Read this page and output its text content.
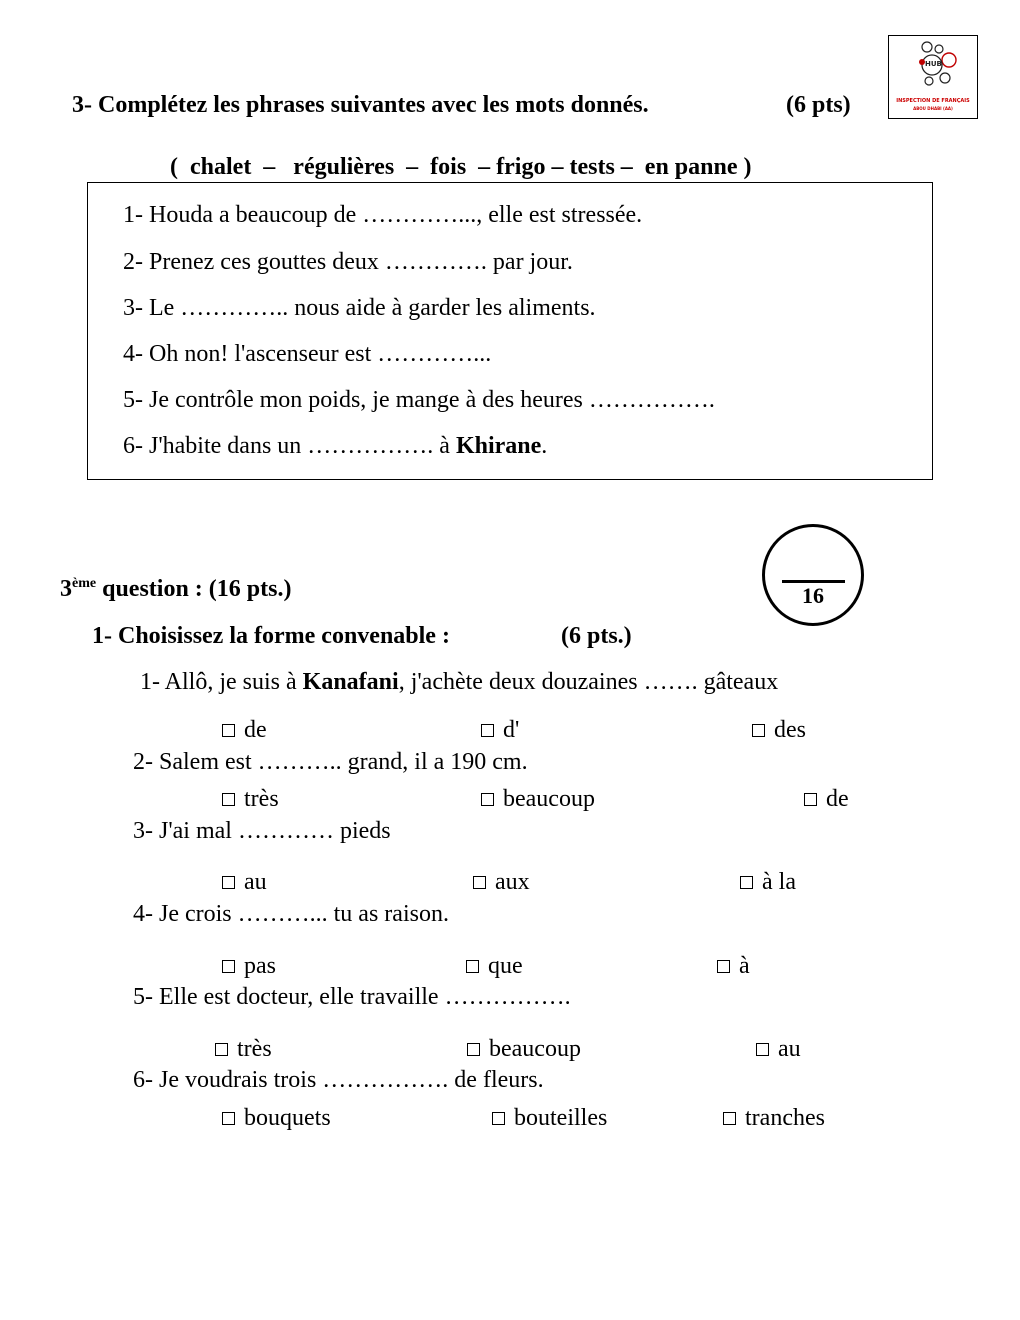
HUB
INSPECTION DE FRANÇAIS
ABOU DHABI (AA)
3- Complétez les phrases suivantes avec les mots donnés.	(6 pts)
(  chalet  –   régulières  –  fois  – frigo – tests –  en panne )
1- Houda a beaucoup de …………..., elle est stressée.
2- Prenez ces gouttes deux …………. par jour.
3- Le ………….. nous aide à garder les aliments.
4- Oh non! l'ascenseur est …………...
5- Je contrôle mon poids, je mange à des heures …………….
6- J'habite dans un ……………. à Khirane.
3ème question : (16 pts.)	16
1- Choisissez la forme convenable :	(6 pts.)
1- Allô, je suis à Kanafani, j'achète deux douzaines ……. gâteaux
de	d'	des
2- Salem est ……….. grand, il a 190 cm.
très	beaucoup	de
3- J'ai mal ………… pieds
au	aux	à la
4- Je crois ………... tu as raison.
pas	que	à
5- Elle est docteur, elle travaille …………….
très	beaucoup	au
6- Je voudrais trois ……………. de fleurs.
bouquets	bouteilles	tranches
